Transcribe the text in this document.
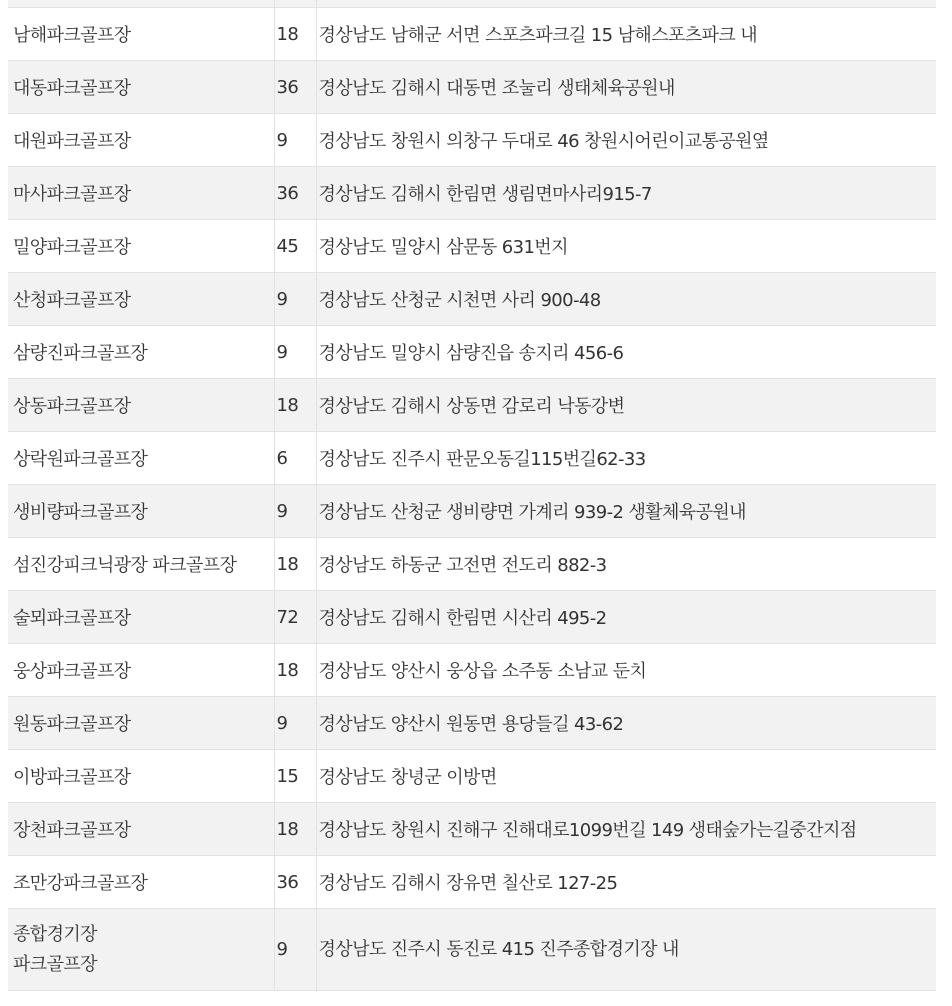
남해파크골프장	18	경상남도 남해군 서면 스포츠파크길 15 남해스포츠파크 내
대동파크골프장	36	경상남도 김해시 대동면 조눌리 생태체육공원내
대원파크골프장	9	경상남도 창원시 의창구 두대로 46 창원시어린이교통공원옆
마사파크골프장	36	경상남도 김해시 한림면 생림면마사리915-7
밀양파크골프장	45	경상남도 밀양시 삼문동 631번지
산청파크골프장	9	경상남도 산청군 시천면 사리 900-48
삼량진파크골프장	9	경상남도 밀양시 삼량진읍 송지리 456-6
상동파크골프장	18	경상남도 김해시 상동면 감로리 낙동강변
상락원파크골프장	6	경상남도 진주시 판문오동길115번길62-33
생비량파크골프장	9	경상남도 산청군 생비량면 가계리 939-2 생활체육공원내
섬진강피크닉광장 파크골프장	18	경상남도 하동군 고전면 전도리 882-3
술뫼파크골프장	72	경상남도 김해시 한림면 시산리 495-2
웅상파크골프장	18	경상남도 양산시 웅상읍 소주동 소남교 둔치
원동파크골프장	9	경상남도 양산시 원동면 용당들길 43-62
이방파크골프장	15	경상남도 창녕군 이방면
장천파크골프장	18	경상남도 창원시 진해구 진해대로1099번길 149 생태숲가는길중간지점
조만강파크골프장	36	경상남도 김해시 장유면 칠산로 127-25

종합경기장
파크골프장	9	경상남도 진주시 동진로 415 진주종합경기장 내
